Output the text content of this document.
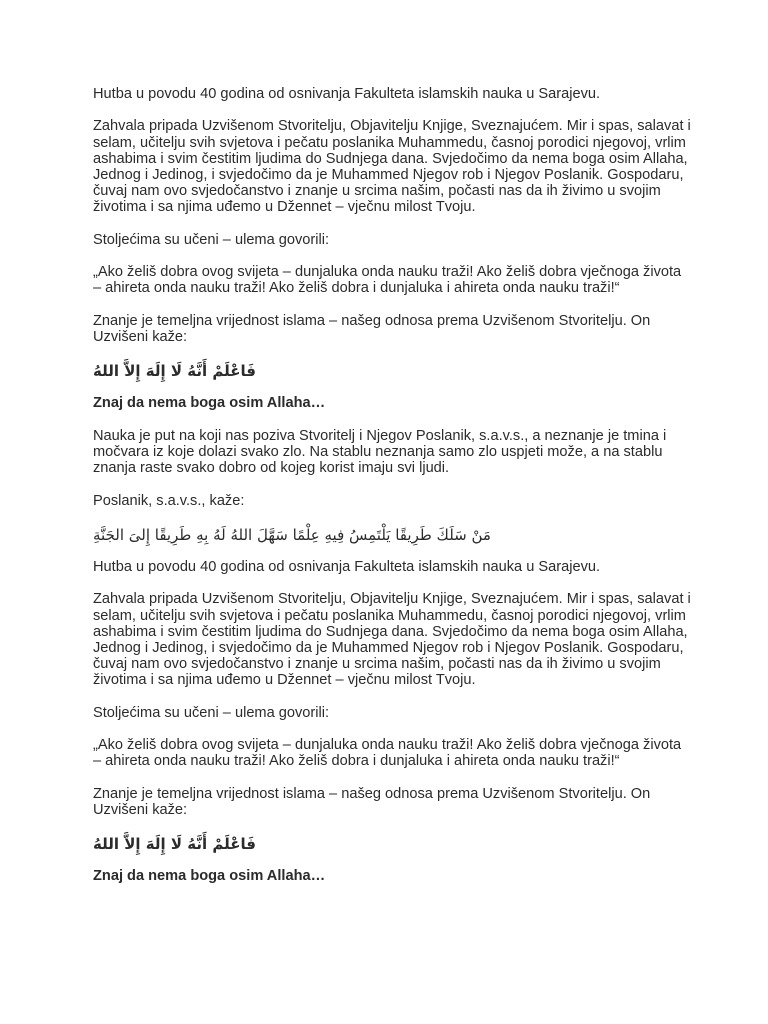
Hutba u povodu 40 godina od osnivanja Fakulteta islamskih nauka u Sarajevu.

Zahvala pripada Uzvišenom Stvoritelju, Objavitelju Knjige, Sveznajućem. Mir i spas, salavat i selam, učitelju svih svjetova i pečatu poslanika Muhammedu, časnoj porodici njegovoj, vrlim ashabima i svim čestitim ljudima do Sudnjega dana. Svjedočimo da nema boga osim Allaha, Jednog i Jedinog, i svjedočimo da je Muhammed Njegov rob i Njegov Poslanik. Gospodaru, čuvaj nam ovo svjedočanstvo i znanje u srcima našim, počasti nas da ih živimo u svojim životima i sa njima uđemo u Džennet – vječnu milost Tvoju.

Stoljećima su učeni – ulema govorili:

„Ako želiš dobra ovog svijeta – dunjaluka onda nauku traži! Ako želiš dobra vječnoga života – ahireta onda nauku traži! Ako želiš dobra i dunjaluka i ahireta onda nauku traži!“

Znanje je temeljna vrijednost islama – našeg odnosa prema Uzvišenom Stvoritelju. On Uzvišeni kaže:

فَاعْلَمْ أَنَّهُ لَا إِلَهَ إِلاَّ اللهُ

Znaj da nema boga osim Allaha…

Nauka je put na koji nas poziva Stvoritelj i Njegov Poslanik, s.a.v.s., a neznanje je tmina i močvara iz koje dolazi svako zlo. Na stablu neznanja samo zlo uspjeti može, a na stablu znanja raste svako dobro od kojeg korist imaju svi ljudi.

Poslanik, s.a.v.s., kaže:

مَنْ سَلَكَ طَرِيقًا يَلْتَمِسُ فِيهِ عِلْمًا سَهَّلَ اللهُ لَهُ بِهِ طَرِيقًا إِلىَ الجَنَّةِ

Hutba u povodu 40 godina od osnivanja Fakulteta islamskih nauka u Sarajevu.

Zahvala pripada Uzvišenom Stvoritelju, Objavitelju Knjige, Sveznajućem. Mir i spas, salavat i selam, učitelju svih svjetova i pečatu poslanika Muhammedu, časnoj porodici njegovoj, vrlim ashabima i svim čestitim ljudima do Sudnjega dana. Svjedočimo da nema boga osim Allaha, Jednog i Jedinog, i svjedočimo da je Muhammed Njegov rob i Njegov Poslanik. Gospodaru, čuvaj nam ovo svjedočanstvo i znanje u srcima našim, počasti nas da ih živimo u svojim životima i sa njima uđemo u Džennet – vječnu milost Tvoju.

Stoljećima su učeni – ulema govorili:

„Ako želiš dobra ovog svijeta – dunjaluka onda nauku traži! Ako želiš dobra vječnoga života – ahireta onda nauku traži! Ako želiš dobra i dunjaluka i ahireta onda nauku traži!“

Znanje je temeljna vrijednost islama – našeg odnosa prema Uzvišenom Stvoritelju. On Uzvišeni kaže:

فَاعْلَمْ أَنَّهُ لَا إِلَهَ إِلاَّ اللهُ

Znaj da nema boga osim Allaha…
